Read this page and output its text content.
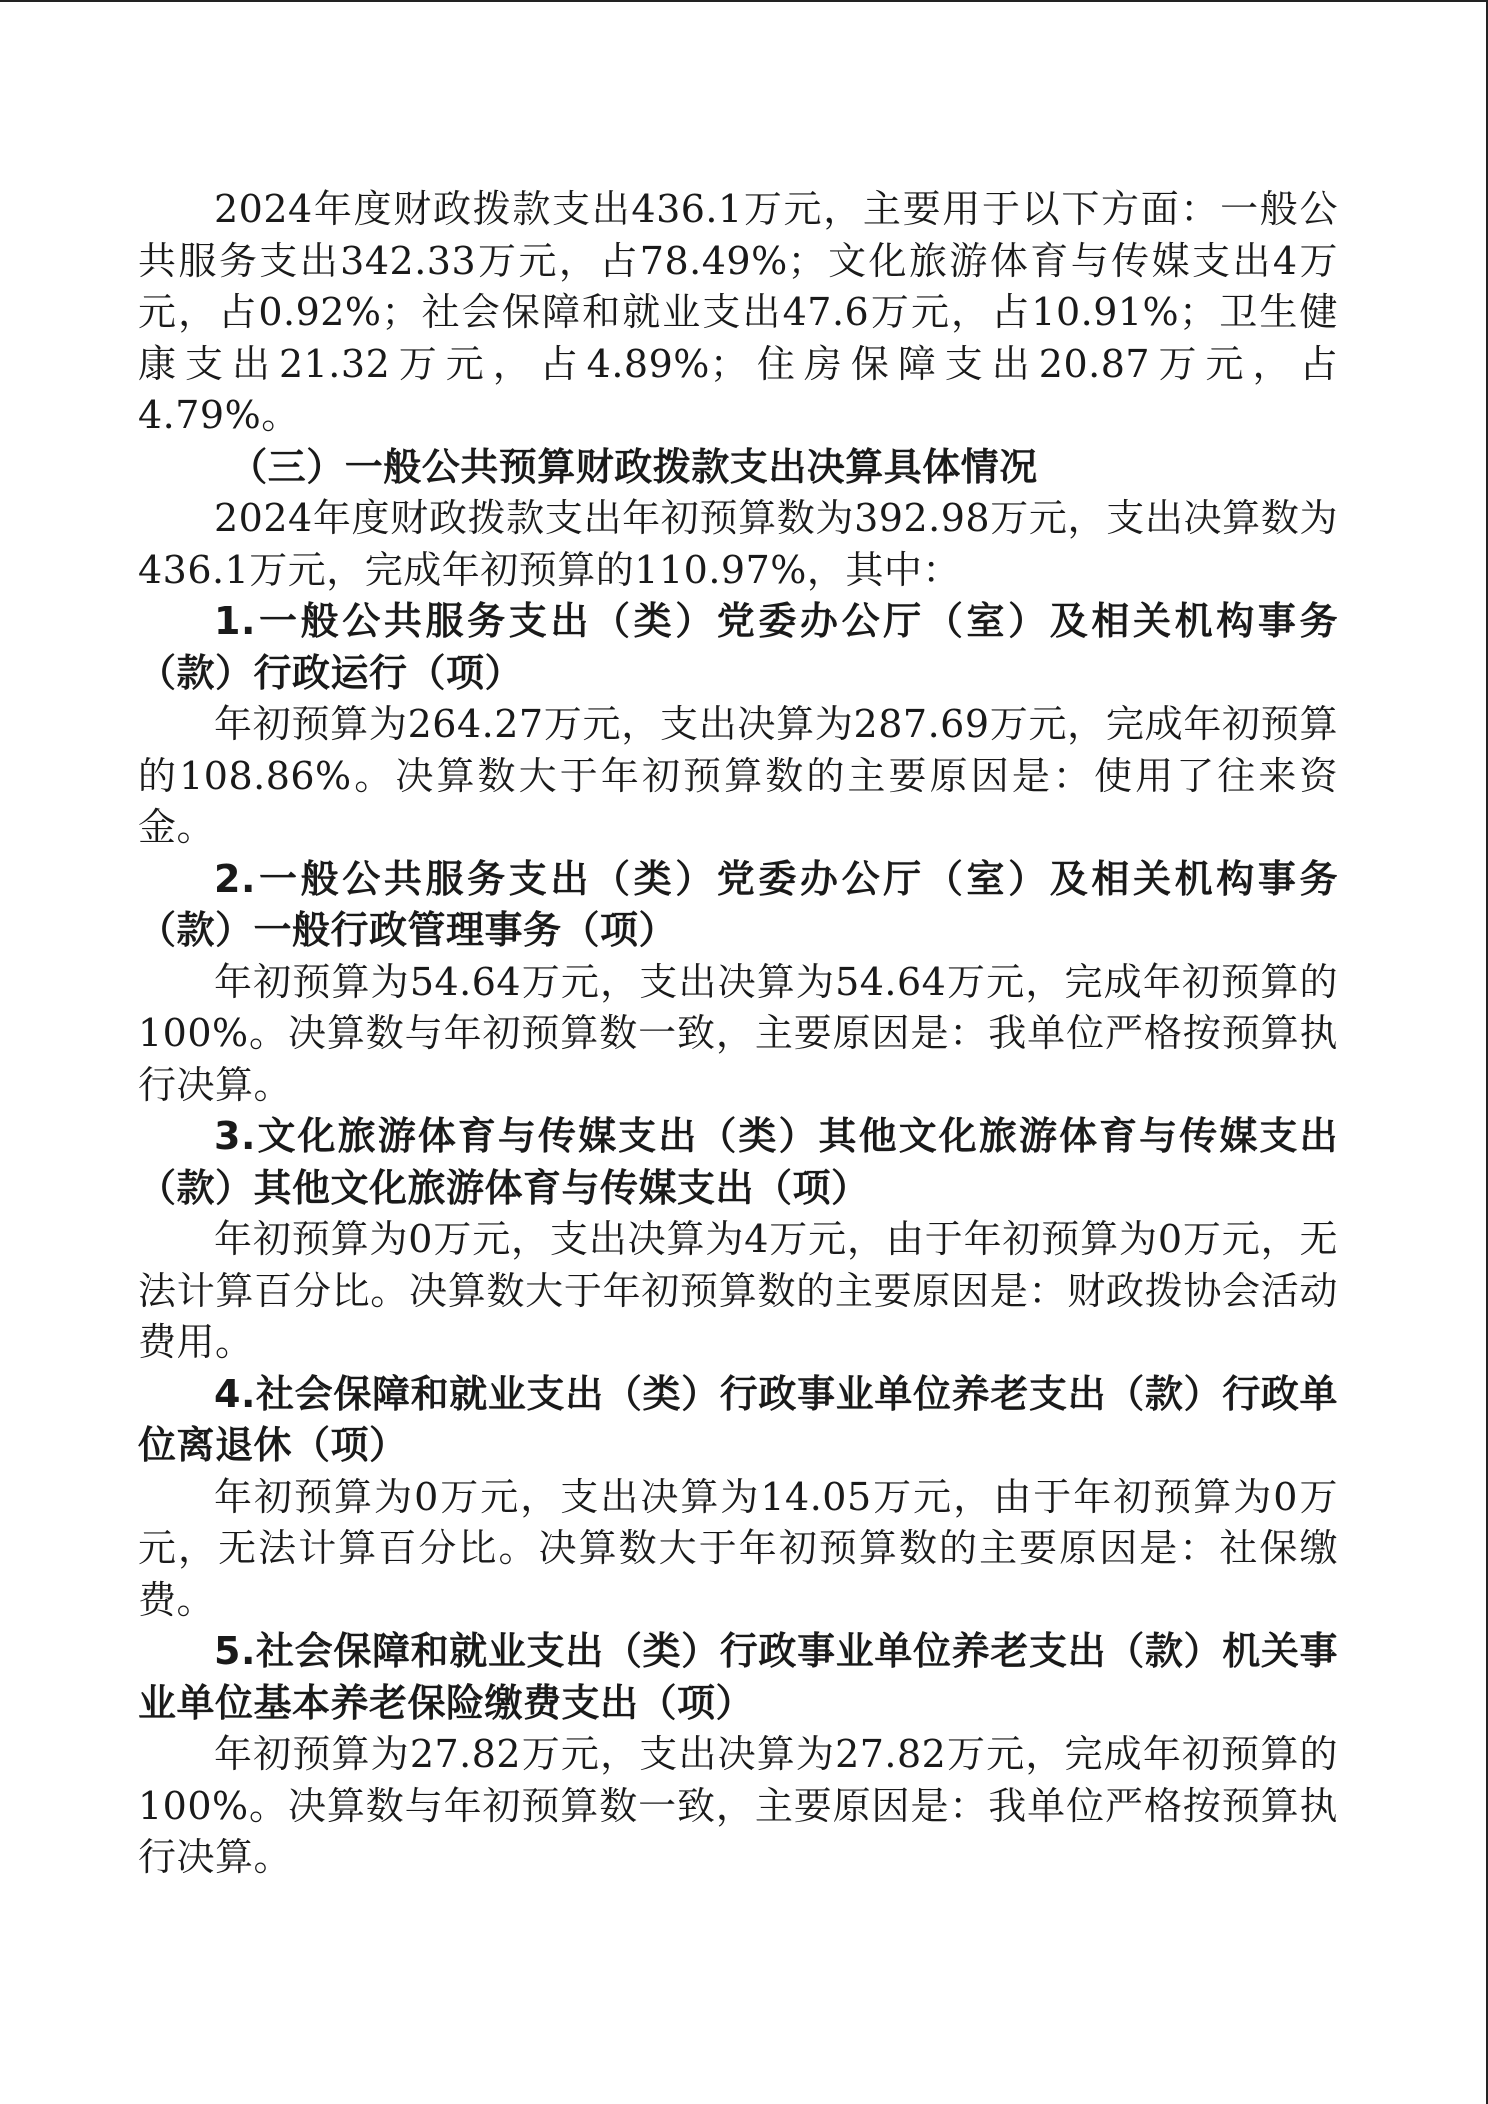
2024年度财政拨款支出436.1万元，主要用于以下方面：一般公共服务支出342.33万元，占78.49%；文化旅游体育与传媒支出4万元，占0.92%；社会保障和就业支出47.6万元，占10.91%；卫生健康支出21.32万元，占4.89%；住房保障支出20.87万元，占4.79%。

（三）一般公共预算财政拨款支出决算具体情况

2024年度财政拨款支出年初预算数为392.98万元，支出决算数为436.1万元，完成年初预算的110.97%，其中：

1.一般公共服务支出（类）党委办公厅（室）及相关机构事务（款）行政运行（项）

年初预算为264.27万元，支出决算为287.69万元，完成年初预算的108.86%。决算数大于年初预算数的主要原因是：使用了往来资金。

2.一般公共服务支出（类）党委办公厅（室）及相关机构事务（款）一般行政管理事务（项）

年初预算为54.64万元，支出决算为54.64万元，完成年初预算的100%。决算数与年初预算数一致，主要原因是：我单位严格按预算执行决算。

3.文化旅游体育与传媒支出（类）其他文化旅游体育与传媒支出（款）其他文化旅游体育与传媒支出（项）

年初预算为0万元，支出决算为4万元，由于年初预算为0万元，无法计算百分比。决算数大于年初预算数的主要原因是：财政拨协会活动费用。

4.社会保障和就业支出（类）行政事业单位养老支出（款）行政单位离退休（项）

年初预算为0万元，支出决算为14.05万元，由于年初预算为0万元，无法计算百分比。决算数大于年初预算数的主要原因是：社保缴费。

5.社会保障和就业支出（类）行政事业单位养老支出（款）机关事业单位基本养老保险缴费支出（项）

年初预算为27.82万元，支出决算为27.82万元，完成年初预算的100%。决算数与年初预算数一致，主要原因是：我单位严格按预算执行决算。
